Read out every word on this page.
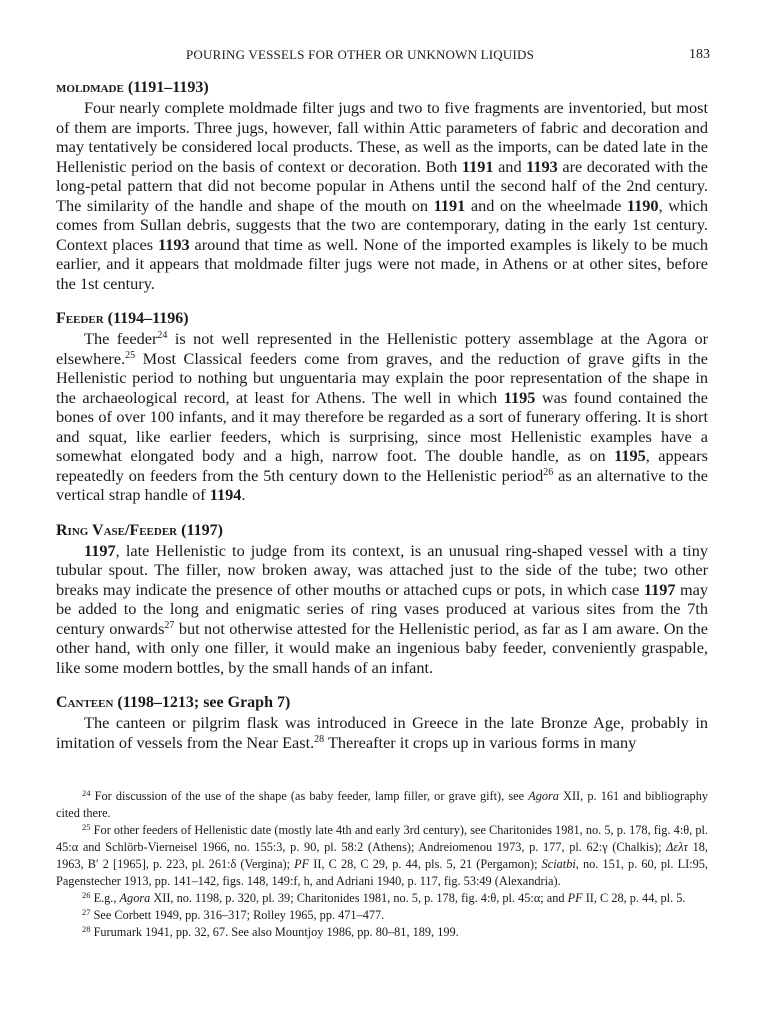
POURING VESSELS FOR OTHER OR UNKNOWN LIQUIDS	183
moldmade (1191–1193)

Four nearly complete moldmade filter jugs and two to five fragments are inventoried, but most of them are imports. Three jugs, however, fall within Attic parameters of fabric and decoration and may tentatively be considered local products. These, as well as the imports, can be dated late in the Hellenistic period on the basis of context or decoration. Both 1191 and 1193 are decorated with the long-petal pattern that did not become popular in Athens until the second half of the 2nd century. The similarity of the handle and shape of the mouth on 1191 and on the wheelmade 1190, which comes from Sullan debris, suggests that the two are contemporary, dating in the early 1st century. Context places 1193 around that time as well. None of the imported examples is likely to be much earlier, and it appears that moldmade filter jugs were not made, in Athens or at other sites, before the 1st century.

Feeder (1194–1196)

The feeder$^{24}$ is not well represented in the Hellenistic pottery assemblage at the Agora or elsewhere.$^{25}$ Most Classical feeders come from graves, and the reduction of grave gifts in the Hellenistic period to nothing but unguentaria may explain the poor representation of the shape in the archaeological record, at least for Athens. The well in which 1195 was found contained the bones of over 100 infants, and it may therefore be regarded as a sort of funerary offering. It is short and squat, like earlier feeders, which is surprising, since most Hellenistic examples have a somewhat elongated body and a high, narrow foot. The double handle, as on 1195, appears repeatedly on feeders from the 5th century down to the Hellenistic period$^{26}$ as an alternative to the vertical strap handle of 1194.

Ring Vase/Feeder (1197)

1197, late Hellenistic to judge from its context, is an unusual ring-shaped vessel with a tiny tubular spout. The filler, now broken away, was attached just to the side of the tube; two other breaks may indicate the presence of other mouths or attached cups or pots, in which case 1197 may be added to the long and enigmatic series of ring vases produced at various sites from the 7th century onwards$^{27}$ but not otherwise attested for the Hellenistic period, as far as I am aware. On the other hand, with only one filler, it would make an ingenious baby feeder, conveniently graspable, like some modern bottles, by the small hands of an infant.

Canteen (1198–1213; see Graph 7)

The canteen or pilgrim flask was introduced in Greece in the late Bronze Age, probably in imitation of vessels from the Near East.$^{28}$ Thereafter it crops up in various forms in many

$^{24}$ For discussion of the use of the shape (as baby feeder, lamp filler, or grave gift), see Agora XII, p. 161 and bibliography cited there.

$^{25}$ For other feeders of Hellenistic date (mostly late 4th and early 3rd century), see Charitonides 1981, no. 5, p. 178, fig. 4:θ, pl. 45:α and Schlörb-Vierneisel 1966, no. 155:3, p. 90, pl. 58:2 (Athens); Andreiomenou 1973, p. 177, pl. 62:γ (Chalkis); Δελτ 18, 1963, Β′ 2 [1965], p. 223, pl. 261:δ (Vergina); PF II, C 28, C 29, p. 44, pls. 5, 21 (Pergamon); Sciatbi, no. 151, p. 60, pl. LI:95, Pagenstecher 1913, pp. 141–142, figs. 148, 149:f, h, and Adriani 1940, p. 117, fig. 53:49 (Alexandria).

$^{26}$ E.g., Agora XII, no. 1198, p. 320, pl. 39; Charitonides 1981, no. 5, p. 178, fig. 4:θ, pl. 45:α; and PF II, C 28, p. 44, pl. 5.

$^{27}$ See Corbett 1949, pp. 316–317; Rolley 1965, pp. 471–477.

$^{28}$ Furumark 1941, pp. 32, 67. See also Mountjoy 1986, pp. 80–81, 189, 199.
